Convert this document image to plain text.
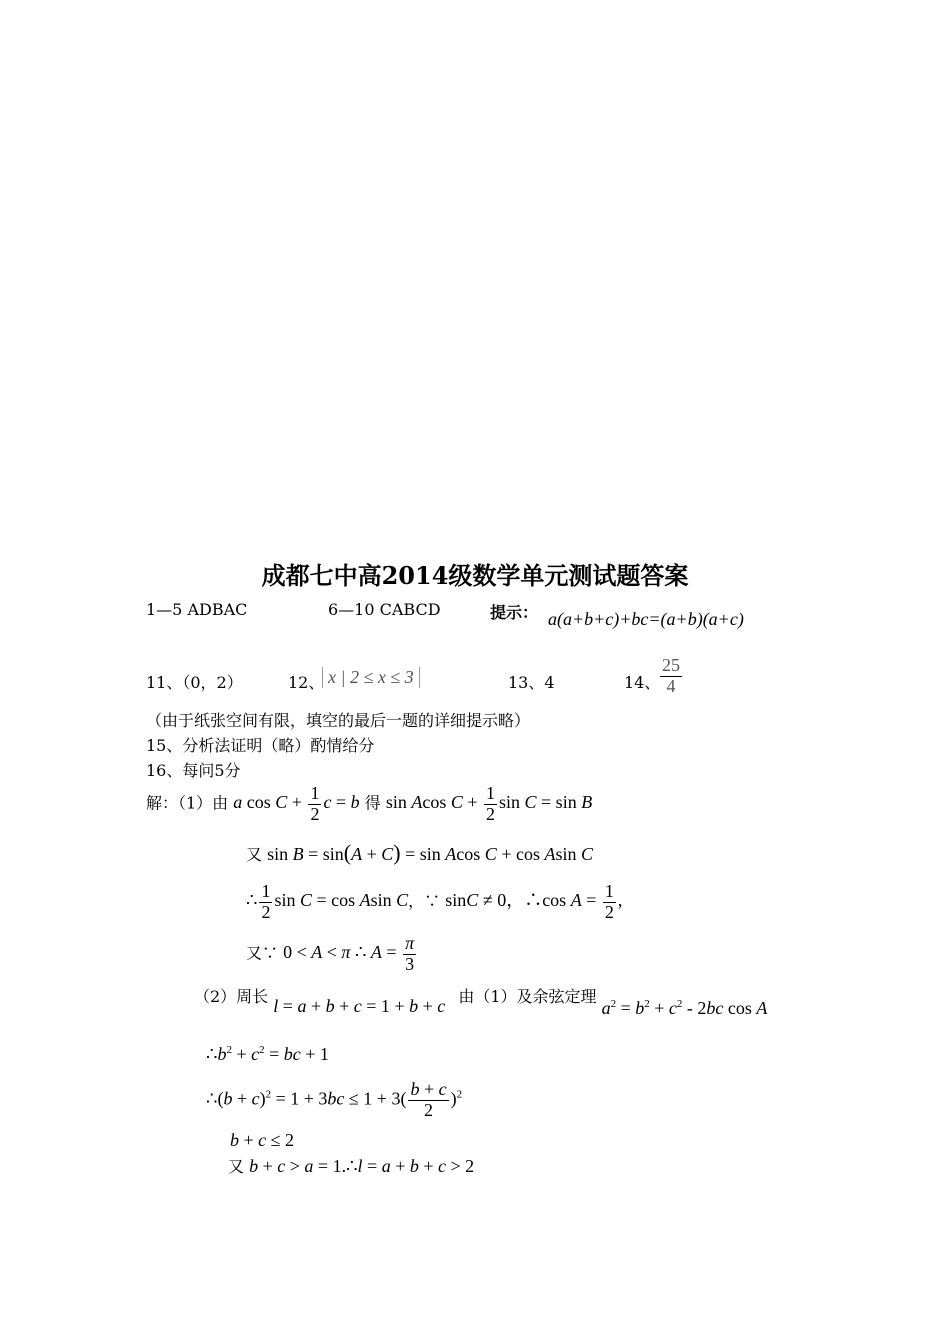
成都七中高2014级数学单元测试题答案
1—5 ADBAC	6—10 CABCD	提示： a(a+b+c)+bc=(a+b)(a+c)
11、（0，2）	12、 x | 2 ≤ x ≤ 3	13、4	14、 $\frac{25}{4}$
（由于纸张空间有限，填空的最后一题的详细提示略）
15、分析法证明（略）酌情给分
16、每问5分
解：（1）由 a $\cos C + \frac{1}{2}$ c = b 得 sin Acos $C + \frac{1}{2}$ sin C = sin B
又 sin B = sin(A + C) = sin Acos C + cos Asin C
∴ $\frac{1}{2}$ sin C = cos Asin C，∵ sinC ≠ 0，∴cos $A = \frac{1}{2}$ ,
又∵ 0 < A < π ∴ $A = \frac{\pi}{3}$
（2）周长 l = a + b + c = 1 + b + c 由（1）及余弦定理 $a^2 = b^2 + c^2 - 2bc$ cos A
$\therefore b^2 + c^2$ = bc + 1
∴(b + $c)^2 = 1 + 3bc \le 1 + 3( \frac{b + c}{2} )^2$
b + c ≤ 2
又 b + c > a = 1.∴l = a + b + c > 2
